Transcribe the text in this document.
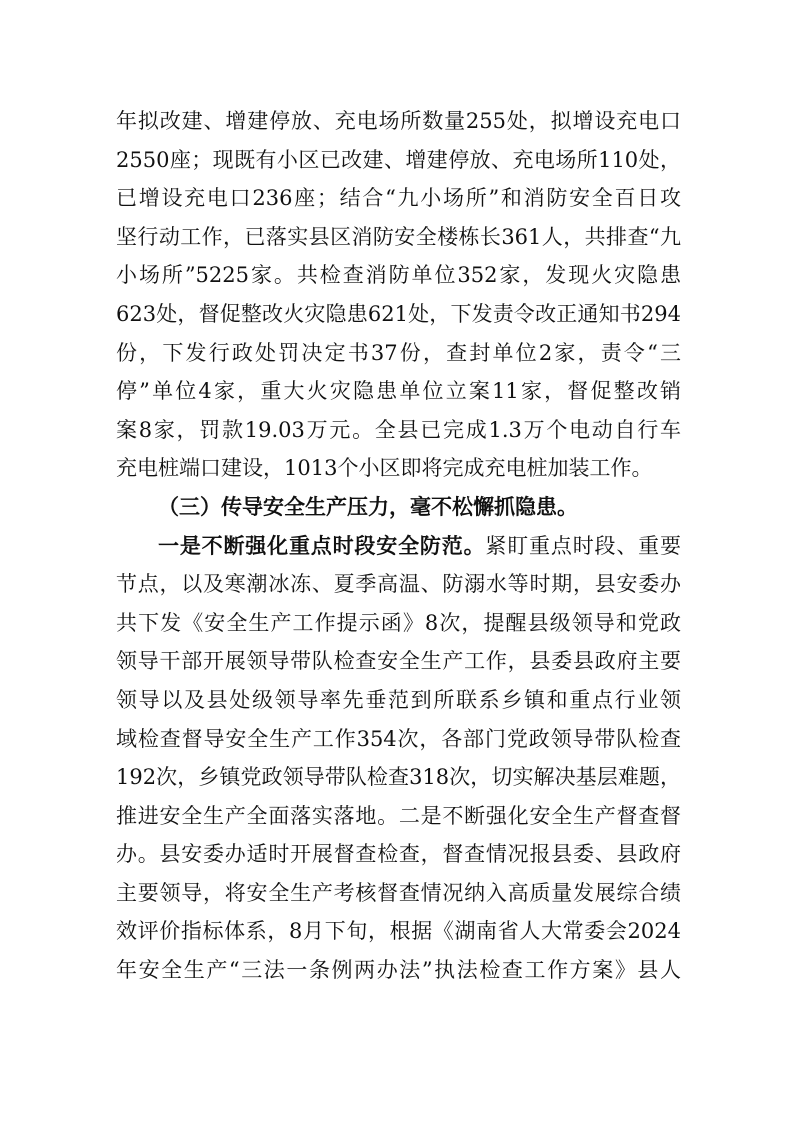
年拟改建、增建停放、充电场所数量255处，拟增设充电口
2550座；现既有小区已改建、增建停放、充电场所110处，
已增设充电口236座；结合“九小场所”和消防安全百日攻
坚行动工作，已落实县区消防安全楼栋长361人，共排查“九
小场所”5225家。共检查消防单位352家，发现火灾隐患
623处，督促整改火灾隐患621处，下发责令改正通知书294
份，下发行政处罚决定书37份，查封单位2家，责令“三
停”单位4家，重大火灾隐患单位立案11家，督促整改销
案8家，罚款19.03万元。全县已完成1.3万个电动自行车
充电桩端口建设，1013个小区即将完成充电桩加装工作。
（三）传导安全生产压力，毫不松懈抓隐患。
一是不断强化重点时段安全防范。紧盯重点时段、重要
节点，以及寒潮冰冻、夏季高温、防溺水等时期，县安委办
共下发《安全生产工作提示函》8次，提醒县级领导和党政
领导干部开展领导带队检查安全生产工作，县委县政府主要
领导以及县处级领导率先垂范到所联系乡镇和重点行业领
域检查督导安全生产工作354次，各部门党政领导带队检查
192次，乡镇党政领导带队检查318次，切实解决基层难题，
推进安全生产全面落实落地。二是不断强化安全生产督查督
办。县安委办适时开展督查检查，督查情况报县委、县政府
主要领导，将安全生产考核督查情况纳入高质量发展综合绩
效评价指标体系，8月下旬，根据《湖南省人大常委会2024
年安全生产“三法一条例两办法”执法检查工作方案》县人
